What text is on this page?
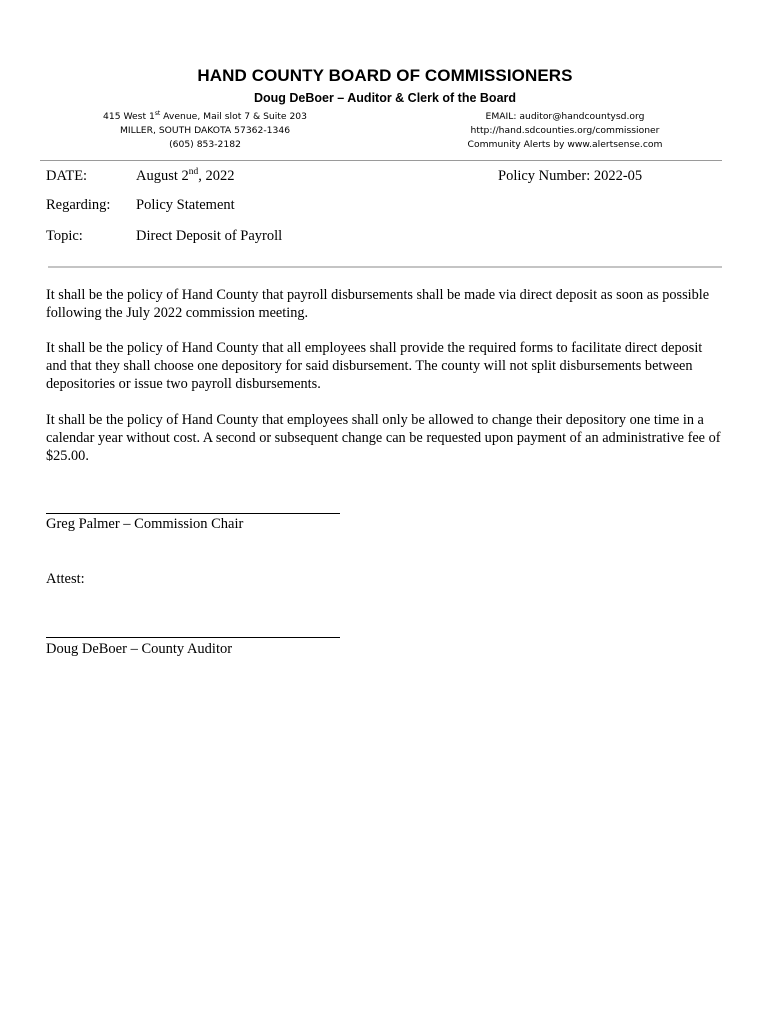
HAND COUNTY BOARD OF COMMISSIONERS
Doug DeBoer – Auditor & Clerk of the Board
415 West 1st Avenue, Mail slot 7 & Suite 203
MILLER, SOUTH DAKOTA 57362-1346
(605) 853-2182
EMAIL: auditor@handcountysd.org
http://hand.sdcounties.org/commissioner
Community Alerts by www.alertsense.com
DATE:	August 2nd, 2022	Policy Number: 2022-05
Regarding: Policy Statement
Topic:	Direct Deposit of Payroll

It shall be the policy of Hand County that payroll disbursements shall be made via direct deposit as soon as possible following the July 2022 commission meeting.

It shall be the policy of Hand County that all employees shall provide the required forms to facilitate direct deposit and that they shall choose one depository for said disbursement. The county will not split disbursements between depositories or issue two payroll disbursements.

It shall be the policy of Hand County that employees shall only be allowed to change their depository one time in a calendar year without cost. A second or subsequent change can be requested upon payment of an administrative fee of $25.00.

Greg Palmer – Commission Chair
Attest:
Doug DeBoer – County Auditor
